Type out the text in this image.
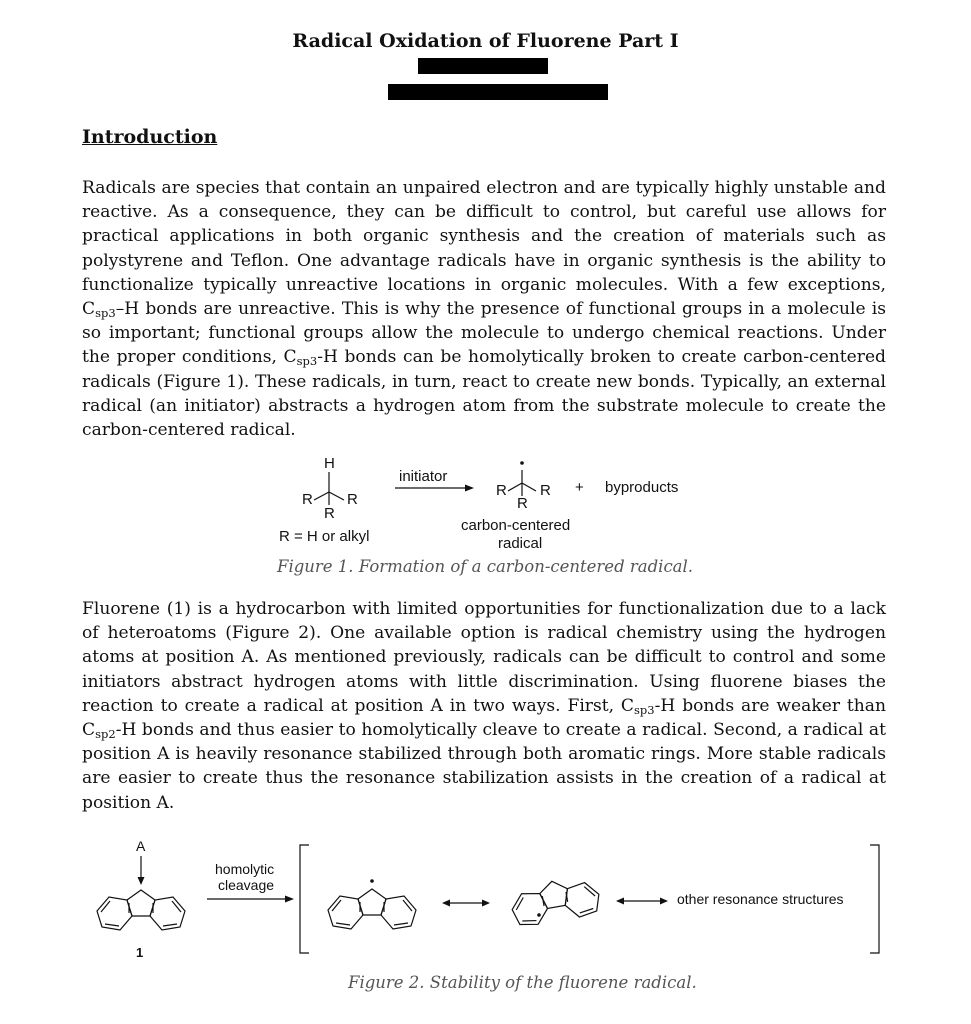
Radical Oxidation of Fluorene Part I
Introduction

Radicals are species that contain an unpaired electron and are typically highly unstable and reactive. As a consequence, they can be difficult to control, but careful use allows for practical applications in both organic synthesis and the creation of materials such as polystyrene and Teflon. One advantage radicals have in organic synthesis is the ability to functionalize typically unreactive locations in organic molecules. With a few exceptions, $C_{sp3}-H$ bonds are unreactive. This is why the presence of functional groups in a molecule is so important; functional groups allow the molecule to undergo chemical reactions. Under the proper conditions, $C_{sp3}-H$ bonds can be homolytically broken to create carbon-centered radicals (Figure 1). These radicals, in turn, react to create new bonds. Typically, an external radical (an initiator) abstracts a hydrogen atom from the substrate molecule to create the carbon-centered radical.

H
R R
R
initiator
R R
R
+ byproducts
R = H or alkyl
carbon-centered
radical
Figure 1. Formation of a carbon-centered radical.

Fluorene (1) is a hydrocarbon with limited opportunities for functionalization due to a lack of heteroatoms (Figure 2). One available option is radical chemistry using the hydrogen atoms at position A. As mentioned previously, radicals can be difficult to control and some initiators abstract hydrogen atoms with little discrimination. Using fluorene biases the reaction to create a radical at position A in two ways. First, $C_{sp3}-H$ bonds are weaker than $C_{sp2}-H$ bonds and thus easier to homolytically cleave to create a radical. Second, a radical at position A is heavily resonance stabilized through both aromatic rings. More stable radicals are easier to create thus the resonance stabilization assists in the creation of a radical at position A.

A
1
homolytic
cleavage
other resonance structures
Figure 2. Stability of the fluorene radical.
